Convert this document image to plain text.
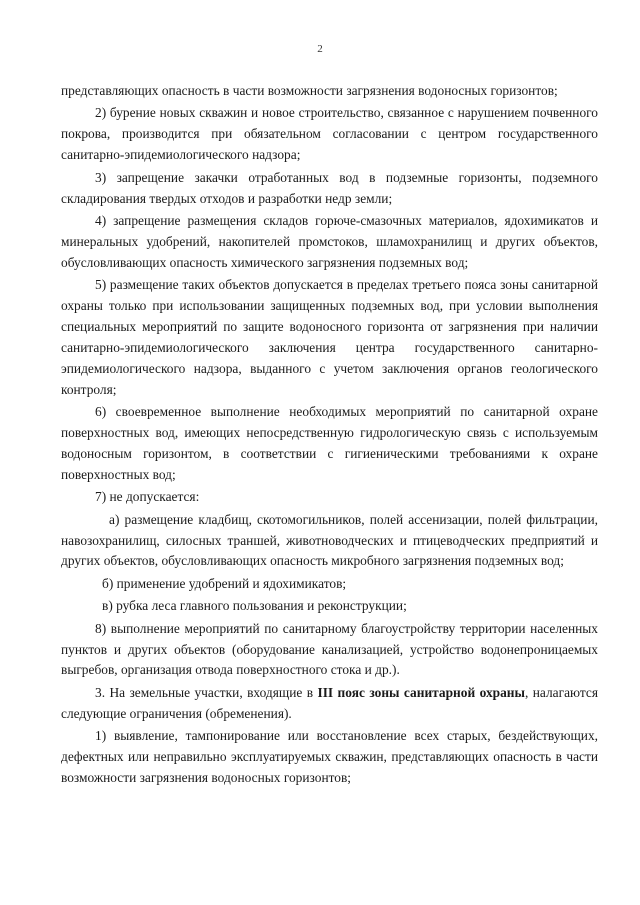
2

представляющих опасность в части возможности загрязнения водоносных горизонтов;

2) бурение новых скважин и новое строительство, связанное с нарушением почвенного покрова, производится при обязательном согласовании с центром государственного санитарно-эпидемиологического надзора;

3) запрещение закачки отработанных вод в подземные горизонты, подземного складирования твердых отходов и разработки недр земли;

4) запрещение размещения складов горюче-смазочных материалов, ядохимикатов и минеральных удобрений, накопителей промстоков, шламохранилищ и других объектов, обусловливающих опасность химического загрязнения подземных вод;

5) размещение таких объектов допускается в пределах третьего пояса зоны санитарной охраны только при использовании защищенных подземных вод, при условии выполнения специальных мероприятий по защите водоносного горизонта от загрязнения при наличии санитарно-эпидемиологического заключения центра государственного санитарно-эпидемиологического надзора, выданного с учетом заключения органов геологического контроля;

6) своевременное выполнение необходимых мероприятий по санитарной охране поверхностных вод, имеющих непосредственную гидрологическую связь с используемым водоносным горизонтом, в соответствии с гигиеническими требованиями к охране поверхностных вод;

7) не допускается:

а) размещение кладбищ, скотомогильников, полей ассенизации, полей фильтрации, навозохранилищ, силосных траншей, животноводческих и птицеводческих предприятий и других объектов, обусловливающих опасность микробного загрязнения подземных вод;

б) применение удобрений и ядохимикатов;

в) рубка леса главного пользования и реконструкции;

8) выполнение мероприятий по санитарному благоустройству территории населенных пунктов и других объектов (оборудование канализацией, устройство водонепроницаемых выгребов, организация отвода поверхностного стока и др.).

3. На земельные участки, входящие в III пояс зоны санитарной охраны, налагаются следующие ограничения (обременения).

1) выявление, тампонирование или восстановление всех старых, бездействующих, дефектных или неправильно эксплуатируемых скважин, представляющих опасность в части возможности загрязнения водоносных горизонтов;
